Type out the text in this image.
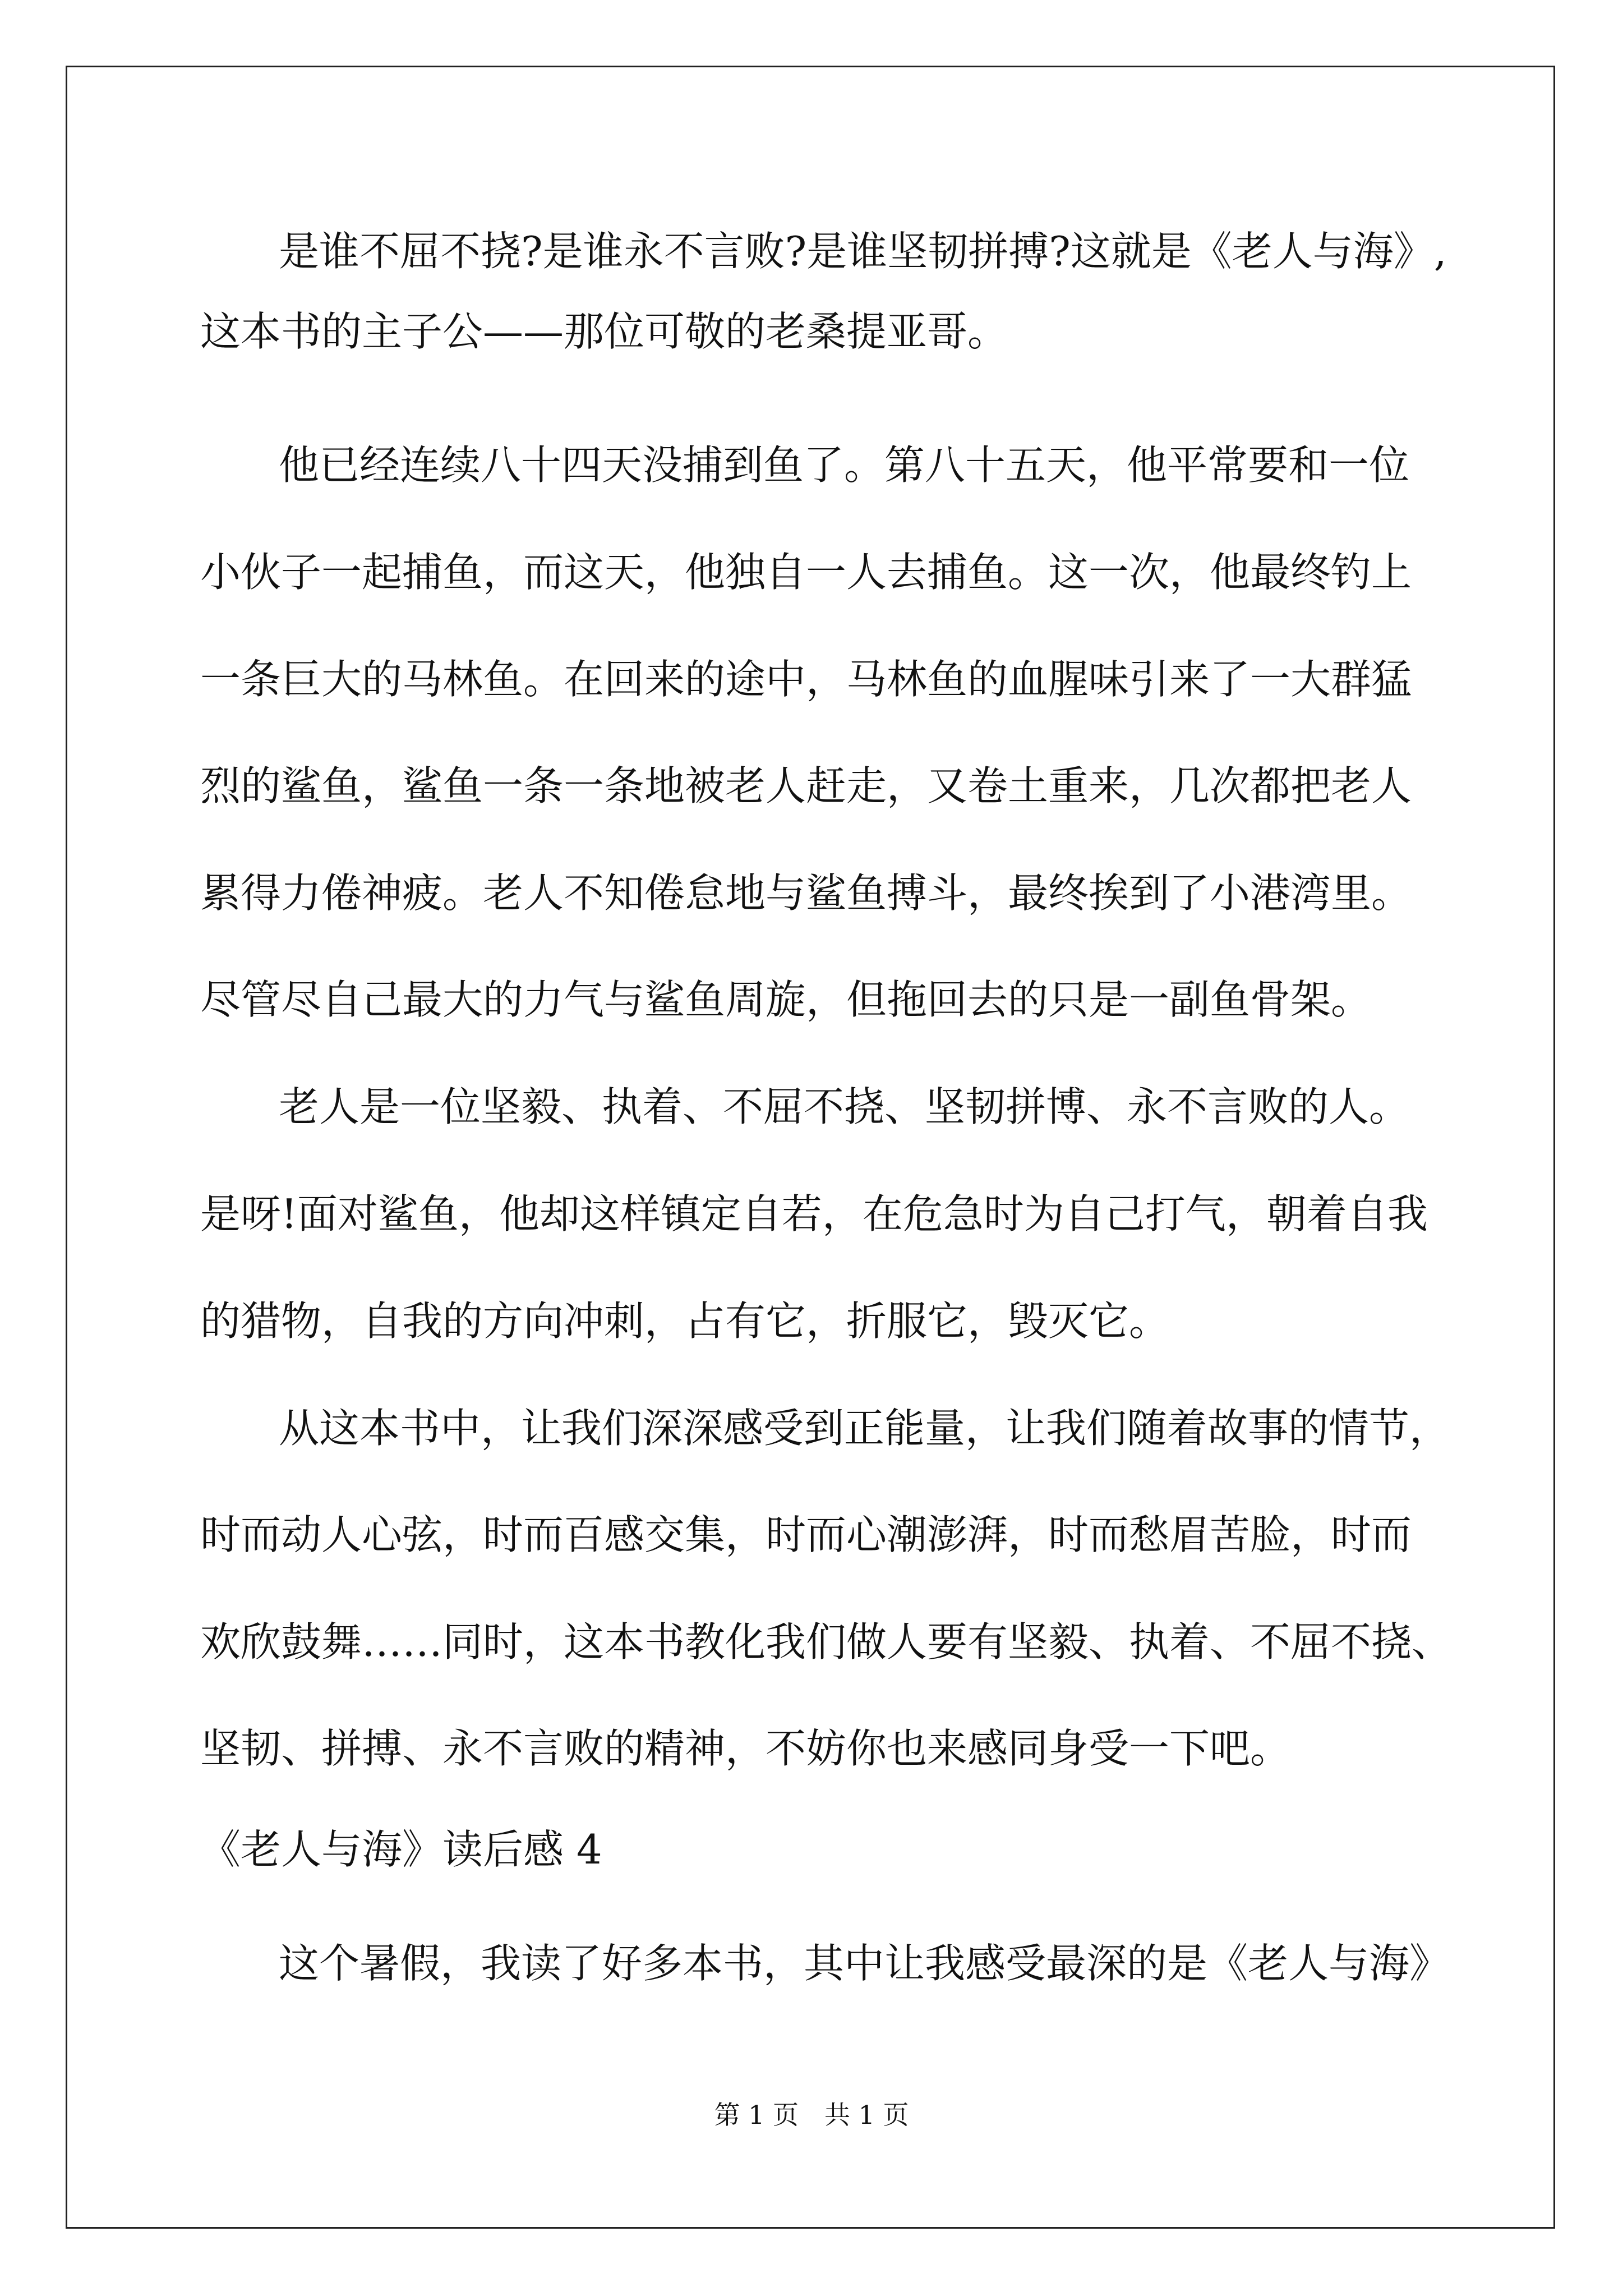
是谁不屈不挠?是谁永不言败?是谁坚韧拼搏?这就是《老人与海》,
这本书的主子公——那位可敬的老桑提亚哥。
他已经连续八十四天没捕到鱼了。第八十五天，他平常要和一位
小伙子一起捕鱼，而这天，他独自一人去捕鱼。这一次，他最终钓上
一条巨大的马林鱼。在回来的途中，马林鱼的血腥味引来了一大群猛
烈的鲨鱼，鲨鱼一条一条地被老人赶走，又卷土重来，几次都把老人
累得力倦神疲。老人不知倦怠地与鲨鱼搏斗，最终挨到了小港湾里。
尽管尽自己最大的力气与鲨鱼周旋，但拖回去的只是一副鱼骨架。
老人是一位坚毅、执着、不屈不挠、坚韧拼博、永不言败的人。
是呀!面对鲨鱼，他却这样镇定自若，在危急时为自己打气，朝着自我
的猎物，自我的方向冲刺，占有它，折服它，毁灭它。
从这本书中，让我们深深感受到正能量，让我们随着故事的情节，
时而动人心弦，时而百感交集，时而心潮澎湃，时而愁眉苦脸，时而
欢欣鼓舞……同时，这本书教化我们做人要有坚毅、执着、不屈不挠、
坚韧、拼搏、永不言败的精神，不妨你也来感同身受一下吧。
《老人与海》读后感 4
这个暑假，我读了好多本书，其中让我感受最深的是《老人与海》
第 1 页　共 1 页
